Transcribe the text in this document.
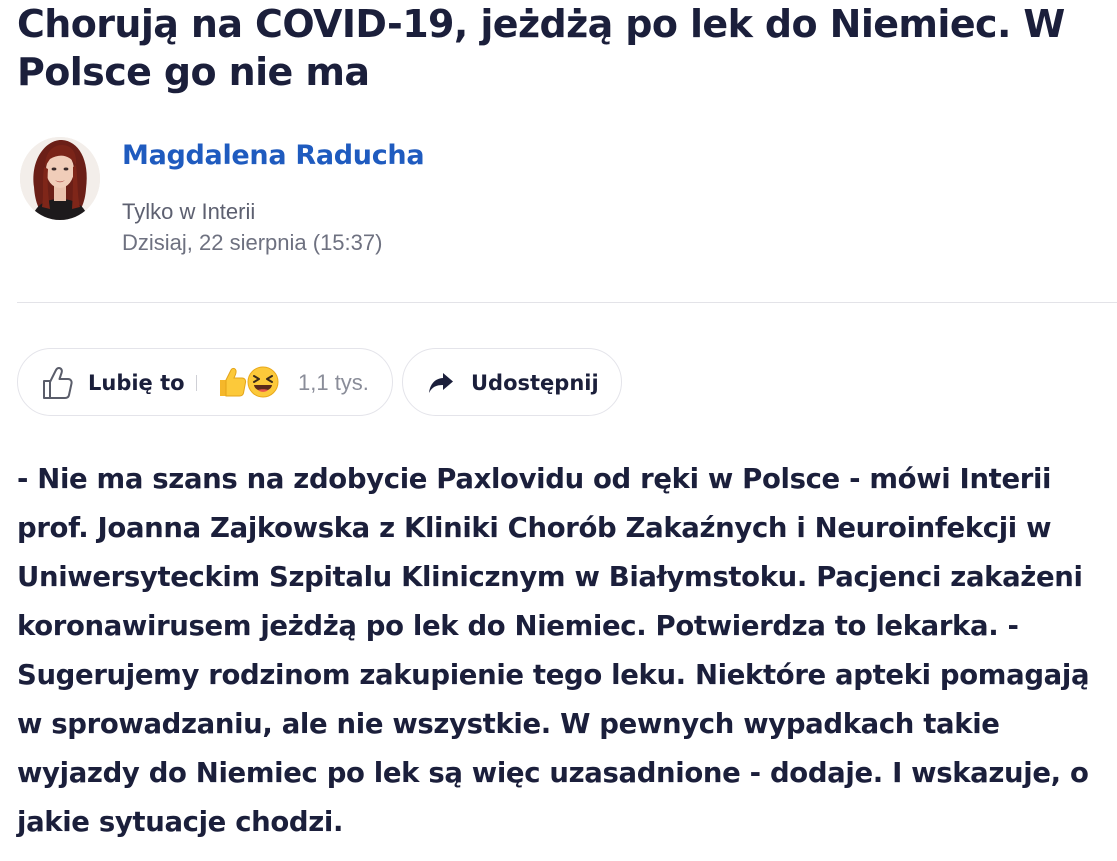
Chorują na COVID-19, jeżdżą po lek do Niemiec. W Polsce go nie ma
Magdalena Raducha
Tylko w Interii
Dzisiaj, 22 sierpnia (15:37)
Lubię to	1,1 tys.	Udostępnij

- Nie ma szans na zdobycie Paxlovidu od ręki w Polsce - mówi Interii prof. Joanna Zajkowska z Kliniki Chorób Zakaźnych i Neuroinfekcji w Uniwersyteckim Szpitalu Klinicznym w Białymstoku. Pacjenci zakażeni koronawirusem jeżdżą po lek do Niemiec. Potwierdza to lekarka. - Sugerujemy rodzinom zakupienie tego leku. Niektóre apteki pomagają w sprowadzaniu, ale nie wszystkie. W pewnych wypadkach takie wyjazdy do Niemiec po lek są więc uzasadnione - dodaje. I wskazuje, o jakie sytuacje chodzi.
